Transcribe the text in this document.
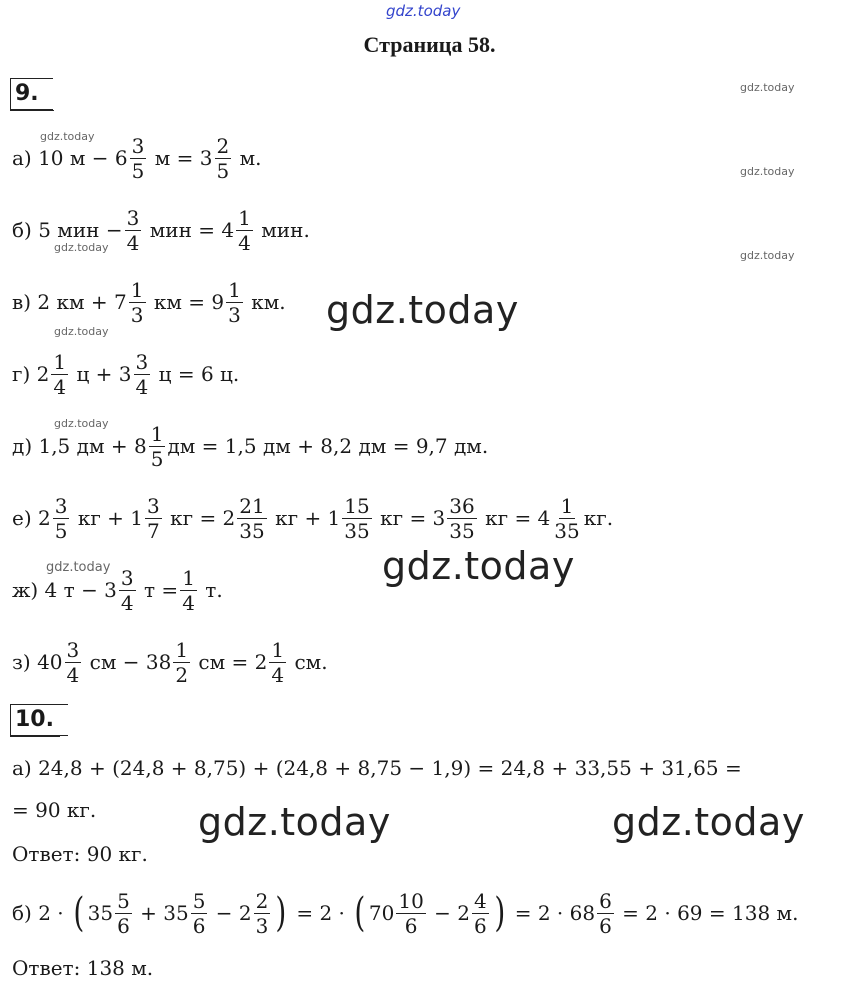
gdz.today
gdz.today
gdz.today
gdz.today
gdz.today
gdz.today
gdz.today
gdz.today
gdz.today
gdz.today
gdz.today
gdz.today	gdz.today
Страница 58.
9.
а) 10 $м - 6 \frac{3}{5}$ $м = 3 \frac{2}{5} м$.
б) 5 мин − $\frac{3}{4}$ мин = $4 \frac{1}{4}$ мин.
в) 2 км + $7 \frac{1}{3}$ км = $9 \frac{1}{3}$ км.
г) $2 \frac{1}{4}$ $ц + 3 \frac{3}{4}$ ц = 6 ц.
д) 1,5 дм + $8 \frac{1}{5}$ дм = 1,5 дм + 8,2 дм = 9,7 дм.
е) $2 \frac{3}{5}$ кг + $1 \frac{3}{7}$ кг = $2 \frac{21}{35}$ кг + $1 \frac{15}{35}$ кг = $3 \frac{36}{35}$ кг = $4 \frac{1}{35}$ кг.
ж) 4 $т - 3 \frac{3}{4}$ $т = \frac{1}{4} т$.
з) $40 \frac{3}{4}$ см − $38 \frac{1}{2}$ см = $2 \frac{1}{4}$ см.
10.
а) 24,8 + (24,8 + 8,75) + (24,8 + 8,75 − 1,9) = 24,8 + 33,55 + 31,65 =
= 90 кг.
Ответ: 90 кг.
б) 2 · ( $35 \frac{5}{6} + 35 \frac{5}{6} - 2 \frac{2}{3}$ ) = 2 · ( $70 \frac{10}{6} - 2 \frac{4}{6}$ ) = $2 \cdot 68 \frac{6}{6} = 2 \cdot 69 = 138$ м.
Ответ: 138 м.
